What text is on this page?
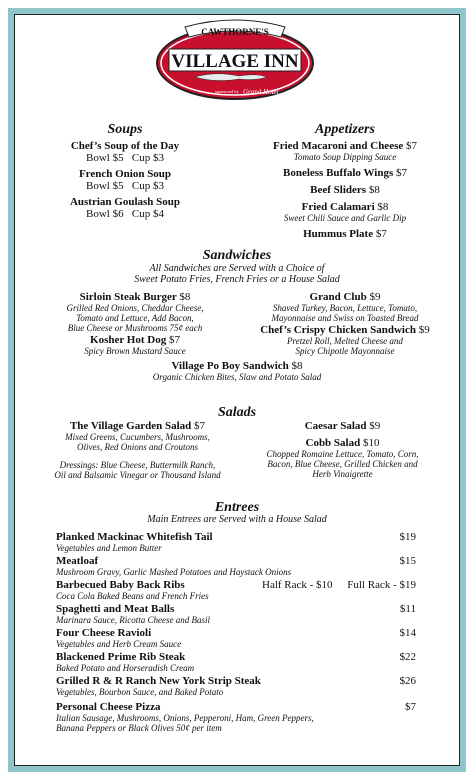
CAWTHORNE'S
VILLAGE INN
sponsored by Grand Hotel
Soups
Chef’s Soup of the Day
Bowl $5   Cup $3
French Onion Soup
Bowl $5   Cup $3
Austrian Goulash Soup
Bowl $6   Cup $4
Appetizers
Fried Macaroni and Cheese $7
Tomato Soup Dipping Sauce
Boneless Buffalo Wings $7
Beef Sliders $8
Fried Calamari $8
Sweet Chili Sauce and Garlic Dip
Hummus Plate $7
Sandwiches
All Sandwiches are Served with a Choice of
Sweet Potato Fries, French Fries or a House Salad
Sirloin Steak Burger $8
Grilled Red Onions, Cheddar Cheese,
Tomato and Lettuce, Add Bacon,
Blue Cheese or Mushrooms 75¢ each
Kosher Hot Dog $7
Spicy Brown Mustard Sauce
Grand Club $9
Shaved Turkey, Bacon, Lettuce, Tomato,
Mayonnaise and Swiss on Toasted Bread
Chef’s Crispy Chicken Sandwich $9
Pretzel Roll, Melted Cheese and
Spicy Chipotle Mayonnaise
Village Po Boy Sandwich $8
Organic Chicken Bites, Slaw and Potato Salad
Salads
The Village Garden Salad $7
Mixed Greens, Cucumbers, Mushrooms,
Olives, Red Onions and Croutons
Dressings: Blue Cheese, Buttermilk Ranch,
Oil and Balsamic Vinegar or Thousand Island
Caesar Salad $9
Cobb Salad $10
Chopped Romaine Lettuce, Tomato, Corn,
Bacon, Blue Cheese, Grilled Chicken and
Herb Vinaigrette
Entrees
Main Entrees are Served with a House Salad
Planked Mackinac Whitefish Tail
Vegetables and Lemon Butter
$19
Meatloaf
Mushroom Gravy, Garlic Mashed Potatoes and Haystack Onions
$15
Barbecued Baby Back Ribs
Coca Cola Baked Beans and French Fries
Half Rack - $10 Full Rack - $19
Spaghetti and Meat Balls
Marinara Sauce, Ricotta Cheese and Basil
$11
Four Cheese Ravioli
Vegetables and Herb Cream Sauce
$14
Blackened Prime Rib Steak
Baked Potato and Horseradish Cream
$22
Grilled R & R Ranch New York Strip Steak
Vegetables, Bourbon Sauce, and Baked Potato
$26
Personal Cheese Pizza
Italian Sausage, Mushrooms, Onions, Pepperoni, Ham, Green Peppers,
Banana Peppers or Black Olives 50¢ per item
$7
